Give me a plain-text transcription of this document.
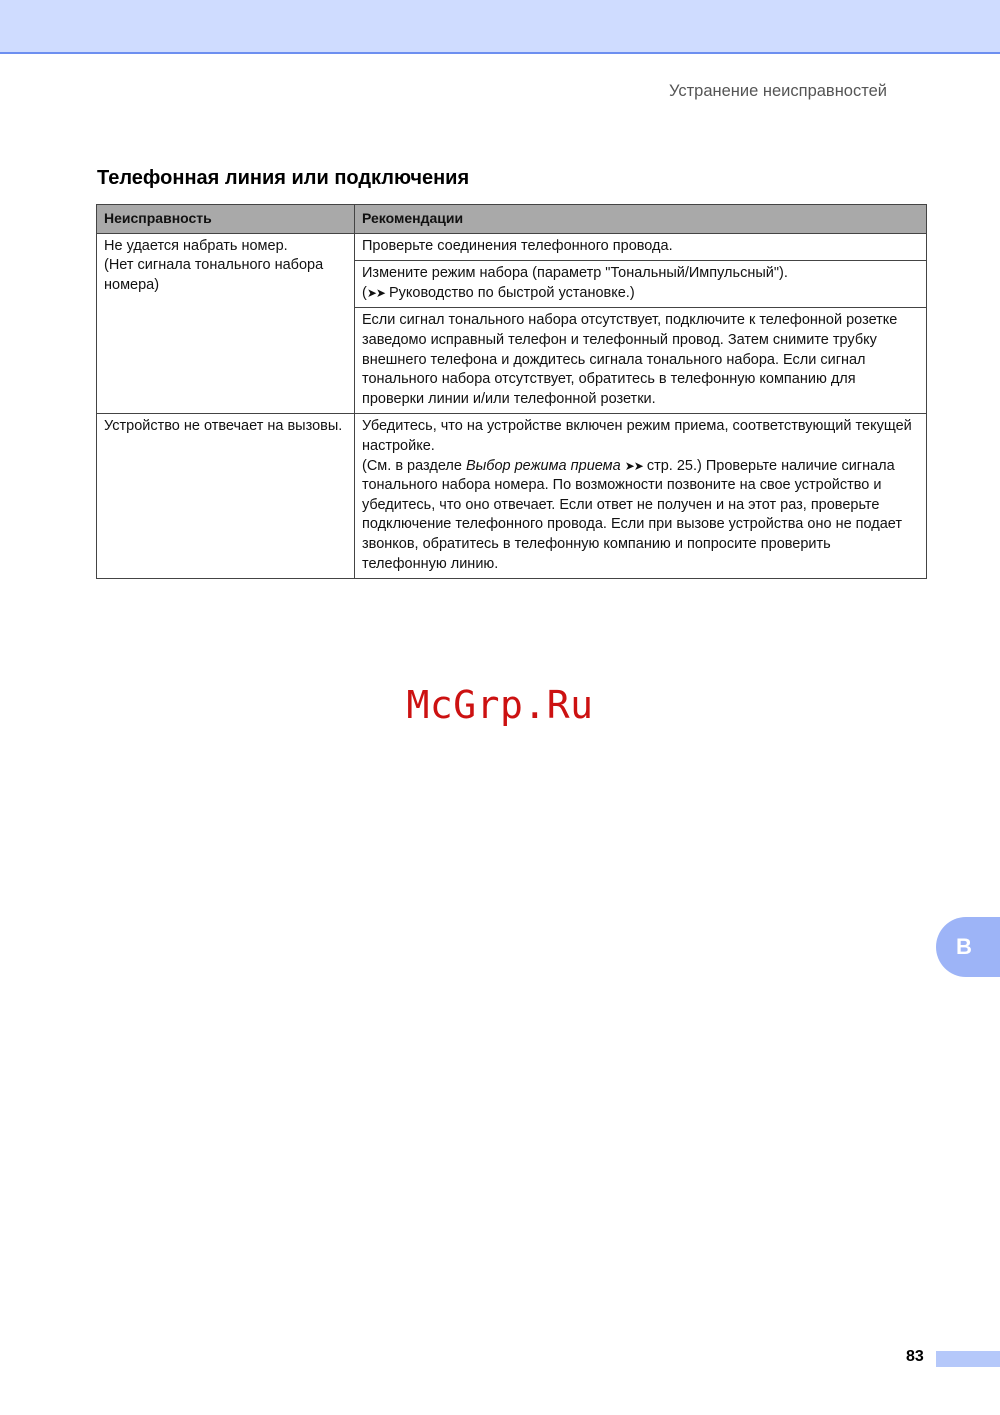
Устранение неисправностей
Телефонная линия или подключения
Неисправность	Рекомендации

Не удается набрать номер.
(Нет сигнала тонального набора номера)	Проверьте соединения телефонного провода.

	Измените режим набора (параметр "Тональный/Импульсный").
(➤➤ Руководство по быстрой установке.)

	Если сигнал тонального набора отсутствует, подключите к телефонной розетке заведомо исправный телефон и телефонный провод. Затем снимите трубку внешнего телефона и дождитесь сигнала тонального набора. Если сигнал тонального набора отсутствует, обратитесь в телефонную компанию для проверки линии и/или телефонной розетки.
Устройство не отвечает на вызовы.	Убедитесь, что на устройстве включен режим приема, соответствующий текущей настройке.
(См. в разделе Выбор режима приема ➤➤ стр. 25.) Проверьте наличие сигнала тонального набора номера. По возможности позвоните на свое устройство и убедитесь, что оно отвечает. Если ответ не получен и на этот раз, проверьте подключение телефонного провода. Если при вызове устройства оно не подает звонков, обратитесь в телефонную компанию и попросите проверить телефонную линию.
McGrp.Ru
B
83
